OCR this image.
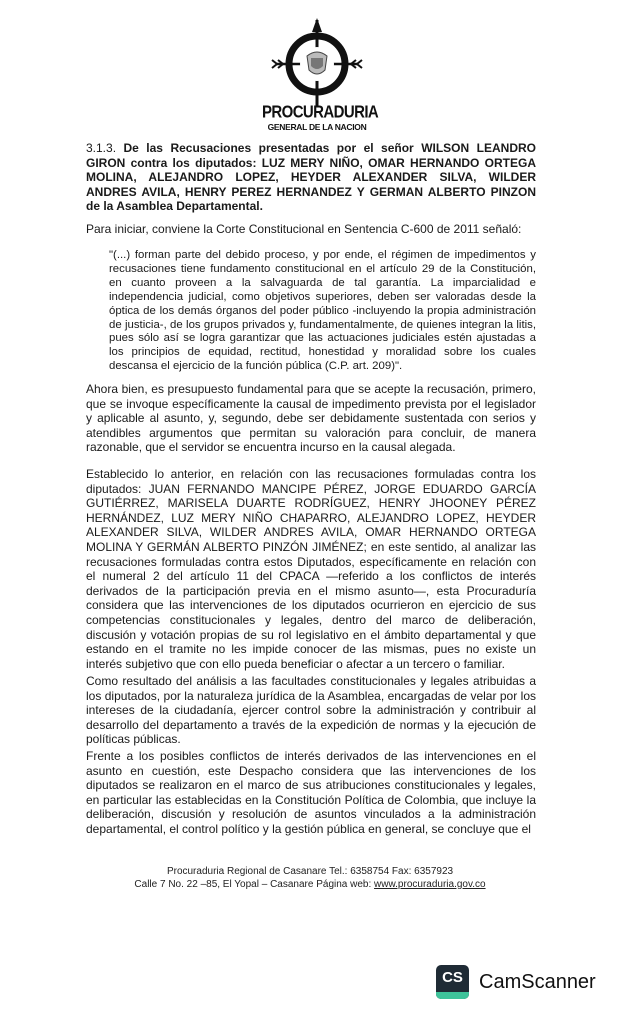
PROCURADURIA
GENERAL DE LA NACION
3.1.3. De las Recusaciones presentadas por el señor WILSON LEANDRO GIRON contra los diputados: LUZ MERY NIÑO, OMAR HERNANDO ORTEGA MOLINA, ALEJANDRO LOPEZ, HEYDER ALEXANDER SILVA, WILDER ANDRES AVILA, HENRY PEREZ HERNANDEZ Y GERMAN ALBERTO PINZON de la Asamblea Departamental.
Para iniciar, conviene la Corte Constitucional en Sentencia C-600 de 2011 señaló:
"(...) forman parte del debido proceso, y por ende, el régimen de impedimentos y recusaciones tiene fundamento constitucional en el artículo 29 de la Constitución, en cuanto proveen a la salvaguarda de tal garantía. La imparcialidad e independencia judicial, como objetivos superiores, deben ser valoradas desde la óptica de los demás órganos del poder público -incluyendo la propia administración de justicia-, de los grupos privados y, fundamentalmente, de quienes integran la litis, pues sólo así se logra garantizar que las actuaciones judiciales estén ajustadas a los principios de equidad, rectitud, honestidad y moralidad sobre los cuales descansa el ejercicio de la función pública (C.P. art. 209)".
Ahora bien, es presupuesto fundamental para que se acepte la recusación, primero, que se invoque específicamente la causal de impedimento prevista por el legislador y aplicable al asunto, y, segundo, debe ser debidamente sustentada con serios y atendibles argumentos que permitan su valoración para concluir, de manera razonable, que el servidor se encuentra incurso en la causal alegada.
Establecido lo anterior, en relación con las recusaciones formuladas contra los diputados: JUAN FERNANDO MANCIPE PÉREZ, JORGE EDUARDO GARCÍA GUTIÉRREZ, MARISELA DUARTE RODRÍGUEZ, HENRY JHOONEY PÉREZ HERNÁNDEZ, LUZ MERY NIÑO CHAPARRO, ALEJANDRO LOPEZ, HEYDER ALEXANDER SILVA, WILDER ANDRES AVILA, OMAR HERNANDO ORTEGA MOLINA Y GERMÁN ALBERTO PINZÓN JIMÉNEZ; en este sentido, al analizar las recusaciones formuladas contra estos Diputados, específicamente en relación con el numeral 2 del artículo 11 del CPACA —referido a los conflictos de interés derivados de la participación previa en el mismo asunto—, esta Procuraduría considera que las intervenciones de los diputados ocurrieron en ejercicio de sus competencias constitucionales y legales, dentro del marco de deliberación, discusión y votación propias de su rol legislativo en el ámbito departamental y que estando en el tramite no les impide conocer de las mismas, pues no existe un interés subjetivo que con ello pueda beneficiar o afectar a un tercero o familiar.
Como resultado del análisis a las facultades constitucionales y legales atribuidas a los diputados, por la naturaleza jurídica de la Asamblea, encargadas de velar por los intereses de la ciudadanía, ejercer control sobre la administración y contribuir al desarrollo del departamento a través de la expedición de normas y la ejecución de políticas públicas.
Frente a los posibles conflictos de interés derivados de las intervenciones en el asunto en cuestión, este Despacho considera que las intervenciones de los diputados se realizaron en el marco de sus atribuciones constitucionales y legales, en particular las establecidas en la Constitución Política de Colombia, que incluye la deliberación, discusión y resolución de asuntos vinculados a la administración departamental, el control político y la gestión pública en general, se concluye que el
Procuraduria Regional de Casanare Tel.: 6358754 Fax: 6357923
Calle 7 No. 22 –85, El Yopal – Casanare Página web: www.procuraduria.gov.co
CS CamScanner
